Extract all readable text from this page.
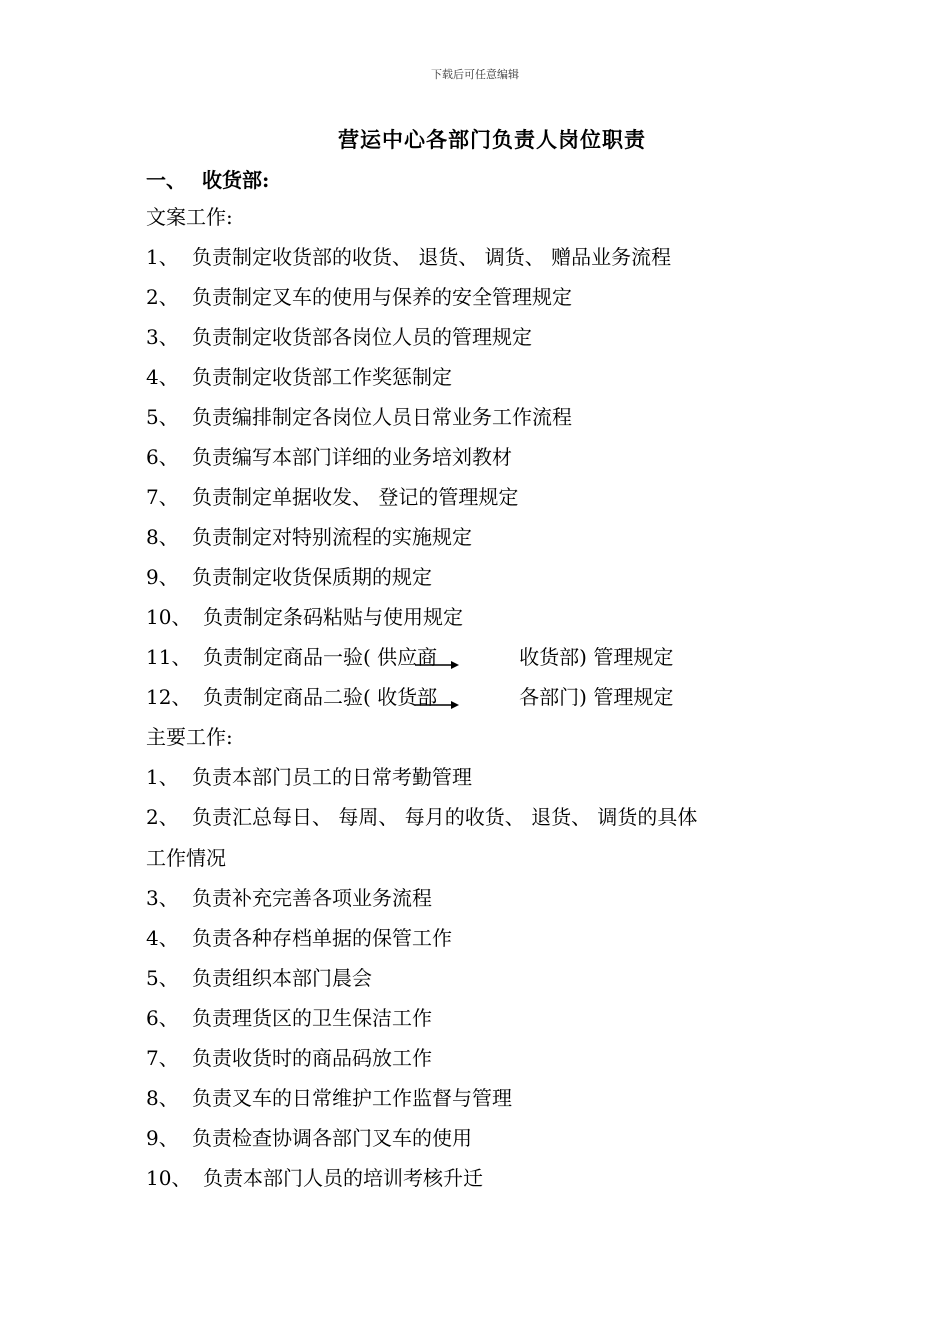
下载后可任意编辑
营运中心各部门负责人岗位职责
一、 收货部:
文案工作:
1、 负责制定收货部的收货、 退货、 调货、 赠品业务流程
2、 负责制定叉车的使用与保养的安全管理规定
3、 负责制定收货部各岗位人员的管理规定
4、 负责制定收货部工作奖惩制定
5、 负责编排制定各岗位人员日常业务工作流程
6、 负责编写本部门详细的业务培刘教材
7、 负责制定单据收发、 登记的管理规定
8、 负责制定对特别流程的实施规定
9、 负责制定收货保质期的规定
10、 负责制定条码粘贴与使用规定
11、 负责制定商品一验( 供应商	收货部) 管理规定
12、 负责制定商品二验( 收货部	各部门) 管理规定
主要工作:
1、 负责本部门员工的日常考勤管理
2、 负责汇总每日、 每周、 每月的收货、 退货、 调货的具体
工作情况
3、 负责补充完善各项业务流程
4、 负责各种存档单据的保管工作
5、 负责组织本部门晨会
6、 负责理货区的卫生保洁工作
7、 负责收货时的商品码放工作
8、 负责叉车的日常维护工作监督与管理
9、 负责检查协调各部门叉车的使用
10、 负责本部门人员的培训考核升迁
